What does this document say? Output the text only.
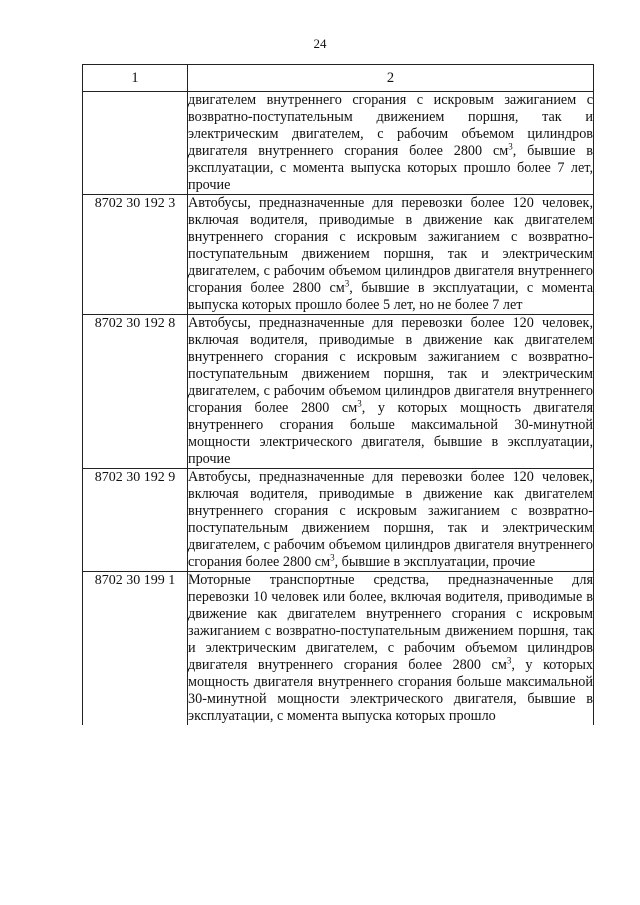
24
1	2
	двигателем внутреннего сгорания с искровым зажиганием с возвратно-поступательным движением поршня, так и электрическим двигателем, с рабочим объемом цилиндров двигателя внутреннего сгорания более 2800 $см^3$, бывшие в эксплуатации, с момента выпуска которых прошло более 7 лет, прочие
8702 30 192 3	Автобусы, предназначенные для перевозки более 120 человек, включая водителя, приводимые в движение как двигателем внутреннего сгорания с искровым зажиганием с возвратно-поступательным движением поршня, так и электрическим двигателем, с рабочим объемом цилиндров двигателя внутреннего сгорания более 2800 $см^3$, бывшие в эксплуатации, с момента выпуска которых прошло более 5 лет, но не более 7 лет
8702 30 192 8	Автобусы, предназначенные для перевозки более 120 человек, включая водителя, приводимые в движение как двигателем внутреннего сгорания с искровым зажиганием с возвратно-поступательным движением поршня, так и электрическим двигателем, с рабочим объемом цилиндров двигателя внутреннего сгорания более 2800 $см^3$, у которых мощность двигателя внутреннего сгорания больше максимальной 30-минутной мощности электрического двигателя, бывшие в эксплуатации, прочие
8702 30 192 9	Автобусы, предназначенные для перевозки более 120 человек, включая водителя, приводимые в движение как двигателем внутреннего сгорания с искровым зажиганием с возвратно-поступательным движением поршня, так и электрическим двигателем, с рабочим объемом цилиндров двигателя внутреннего сгорания более 2800 $см^3$, бывшие в эксплуатации, прочие
8702 30 199 1	Моторные транспортные средства, предназначенные для перевозки 10 человек или более, включая водителя, приводимые в движение как двигателем внутреннего сгорания с искровым зажиганием с возвратно-поступательным движением поршня, так и электрическим двигателем, с рабочим объемом цилиндров двигателя внутреннего сгорания более 2800 $см^3$, у которых мощность двигателя внутреннего сгорания больше максимальной 30-минутной мощности электрического двигателя, бывшие в эксплуатации, с момента выпуска которых прошло
